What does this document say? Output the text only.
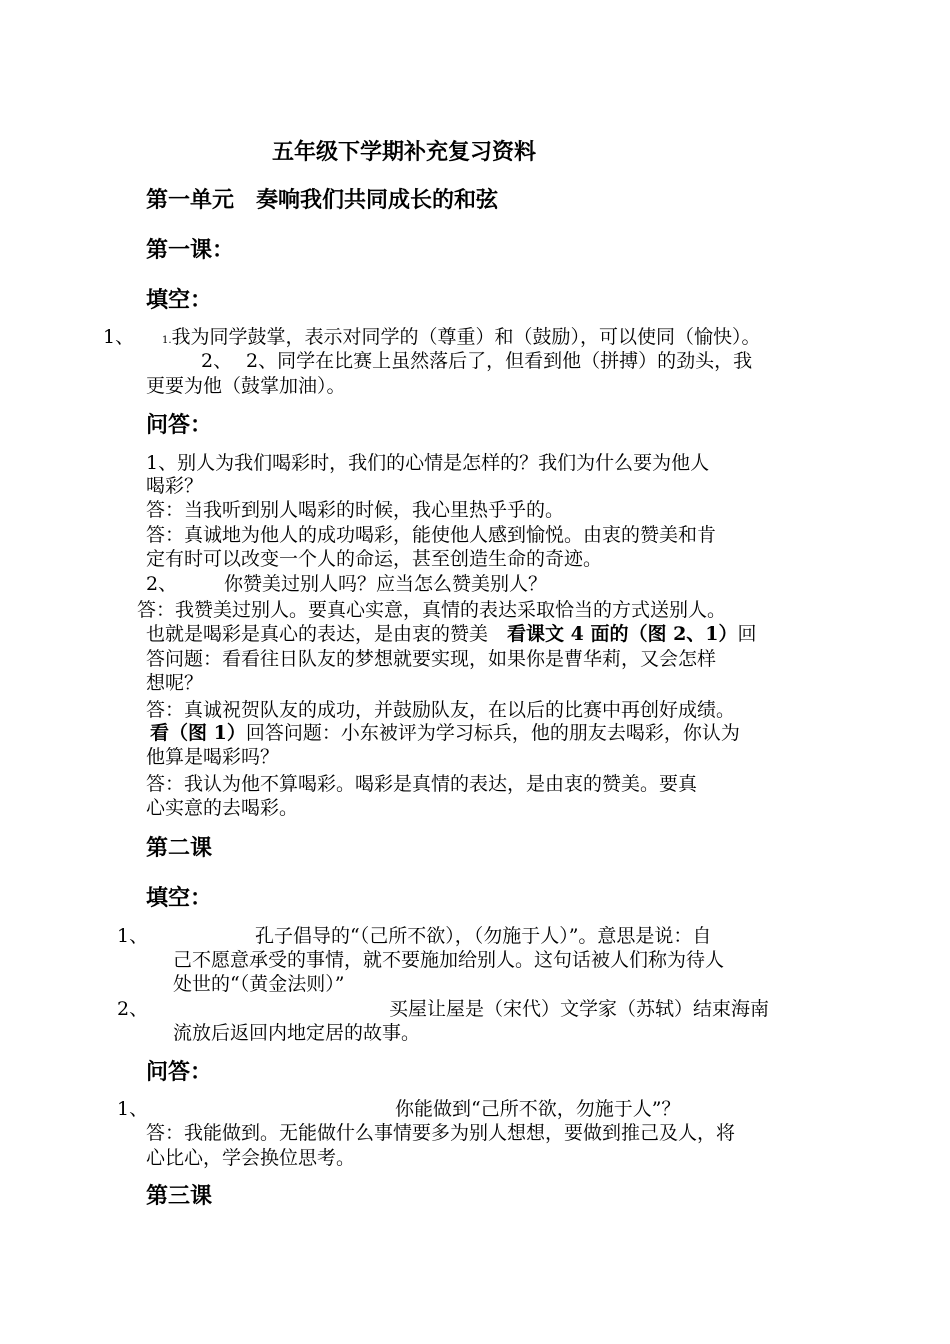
五年级下学期补充复习资料
第一单元　奏响我们共同成长的和弦
第一课：
填空：
1、	1.我为同学鼓掌，表示对同学的（尊重）和（鼓励），可以使同（愉快）。
2、 2、同学在比赛上虽然落后了，但看到他（拼搏）的劲头，我
更要为他（鼓掌加油）。
问答：
1、别人为我们喝彩时，我们的心情是怎样的？我们为什么要为他人
喝彩？
答：当我听到别人喝彩的时候，我心里热乎乎的。
答：真诚地为他人的成功喝彩，能使他人感到愉悦。由衷的赞美和肯
定有时可以改变一个人的命运，甚至创造生命的奇迹。
2、 你赞美过别人吗？应当怎么赞美别人？
答：我赞美过别人。要真心实意，真情的表达采取恰当的方式送别人。
也就是喝彩是真心的表达，是由衷的赞美　看课文 4 面的（图 2、1）回
答问题：看看往日队友的梦想就要实现，如果你是曹华莉，又会怎样
想呢？
答：真诚祝贺队友的成功，并鼓励队友，在以后的比赛中再创好成绩。
看（图 1）回答问题：小东被评为学习标兵，他的朋友去喝彩，你认为
他算是喝彩吗？
答：我认为他不算喝彩。喝彩是真情的表达，是由衷的赞美。要真
心实意的去喝彩。
第二课
填空：
1、	孔子倡导的“（己所不欲），（勿施于人）”。意思是说：自
己不愿意承受的事情，就不要施加给别人。这句话被人们称为待人
处世的“（黄金法则）”
2、	买屋让屋是（宋代）文学家（苏轼）结束海南
流放后返回内地定居的故事。
问答：
1、	你能做到“己所不欲，勿施于人”？
答：我能做到。无能做什么事情要多为别人想想，要做到推己及人，将
心比心，学会换位思考。
第三课
